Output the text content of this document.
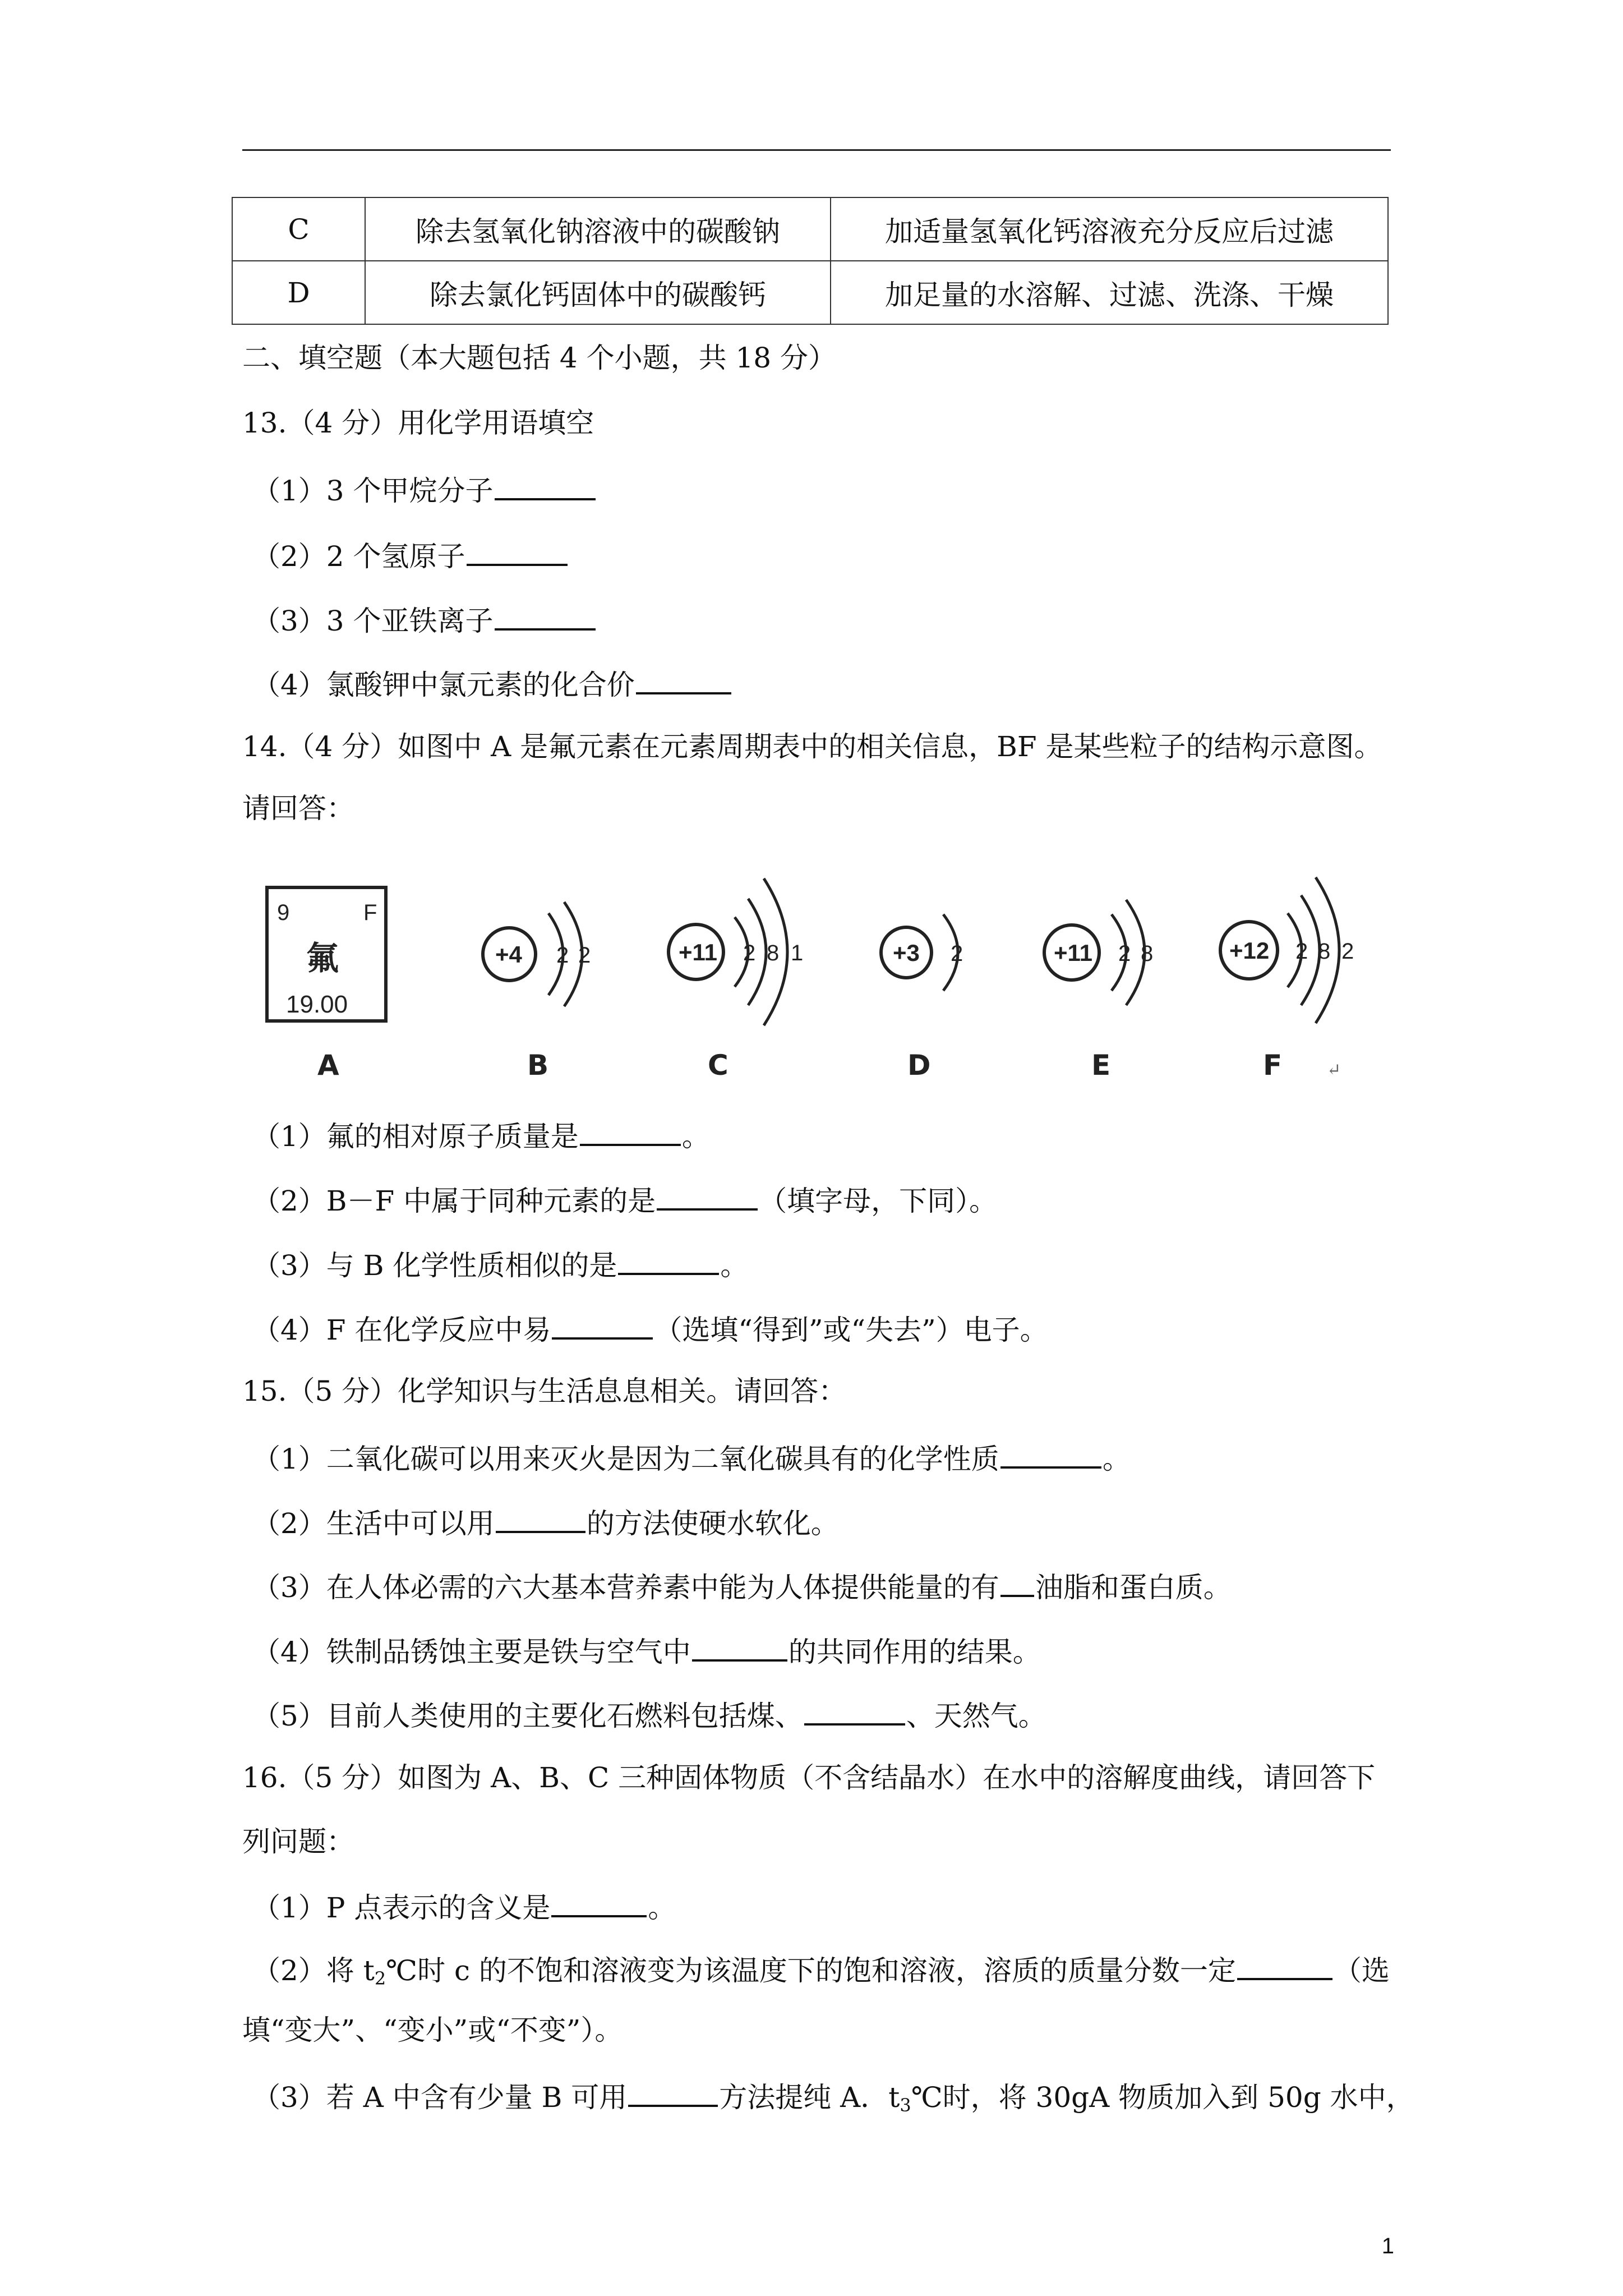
C	除去氢氧化钠溶液中的碳酸钠	加适量氢氧化钙溶液充分反应后过滤
D	除去氯化钙固体中的碳酸钙	加足量的水溶解、过滤、洗涤、干燥
二、填空题（本大题包括 4 个小题，共 18 分）
13.（4 分）用化学用语填空
（1）3 个甲烷分子
（2）2 个氢原子
（3）3 个亚铁离子
（4）氯酸钾中氯元素的化合价
14.（4 分）如图中 A 是氟元素在元素周期表中的相关信息，BF 是某些粒子的结构示意图。
请回答：
9	F
氟
19.00
+4 2 2	+11 2 8 1	+3 2	+11 2 8	+12 2 8 2
A	B	C	D	E	F	↵
（1）氟的相对原子质量是	。
（2）B－F 中属于同种元素的是	（填字母，下同）。
（3）与 B 化学性质相似的是	。
（4）F 在化学反应中易	（选填“得到”或“失去”）电子。
15.（5 分）化学知识与生活息息相关。请回答：
（1）二氧化碳可以用来灭火是因为二氧化碳具有的化学性质	。
（2）生活中可以用	的方法使硬水软化。
（3）在人体必需的六大基本营养素中能为人体提供能量的有 油脂和蛋白质。
（4）铁制品锈蚀主要是铁与空气中	的共同作用的结果。
（5）目前人类使用的主要化石燃料包括煤、	、天然气。
16.（5 分）如图为 A、B、C 三种固体物质（不含结晶水）在水中的溶解度曲线，请回答下
列问题：
（1）P 点表示的含义是	。
（2）将 $t_2℃$时 c 的不饱和溶液变为该温度下的饱和溶液，溶质的质量分数一定	（选
填“变大”、“变小”或“不变”）。
（3）若 A 中含有少量 B 可用	方法提纯 A．$t_3℃$时，将 30gA 物质加入到 50g 水中，
1
